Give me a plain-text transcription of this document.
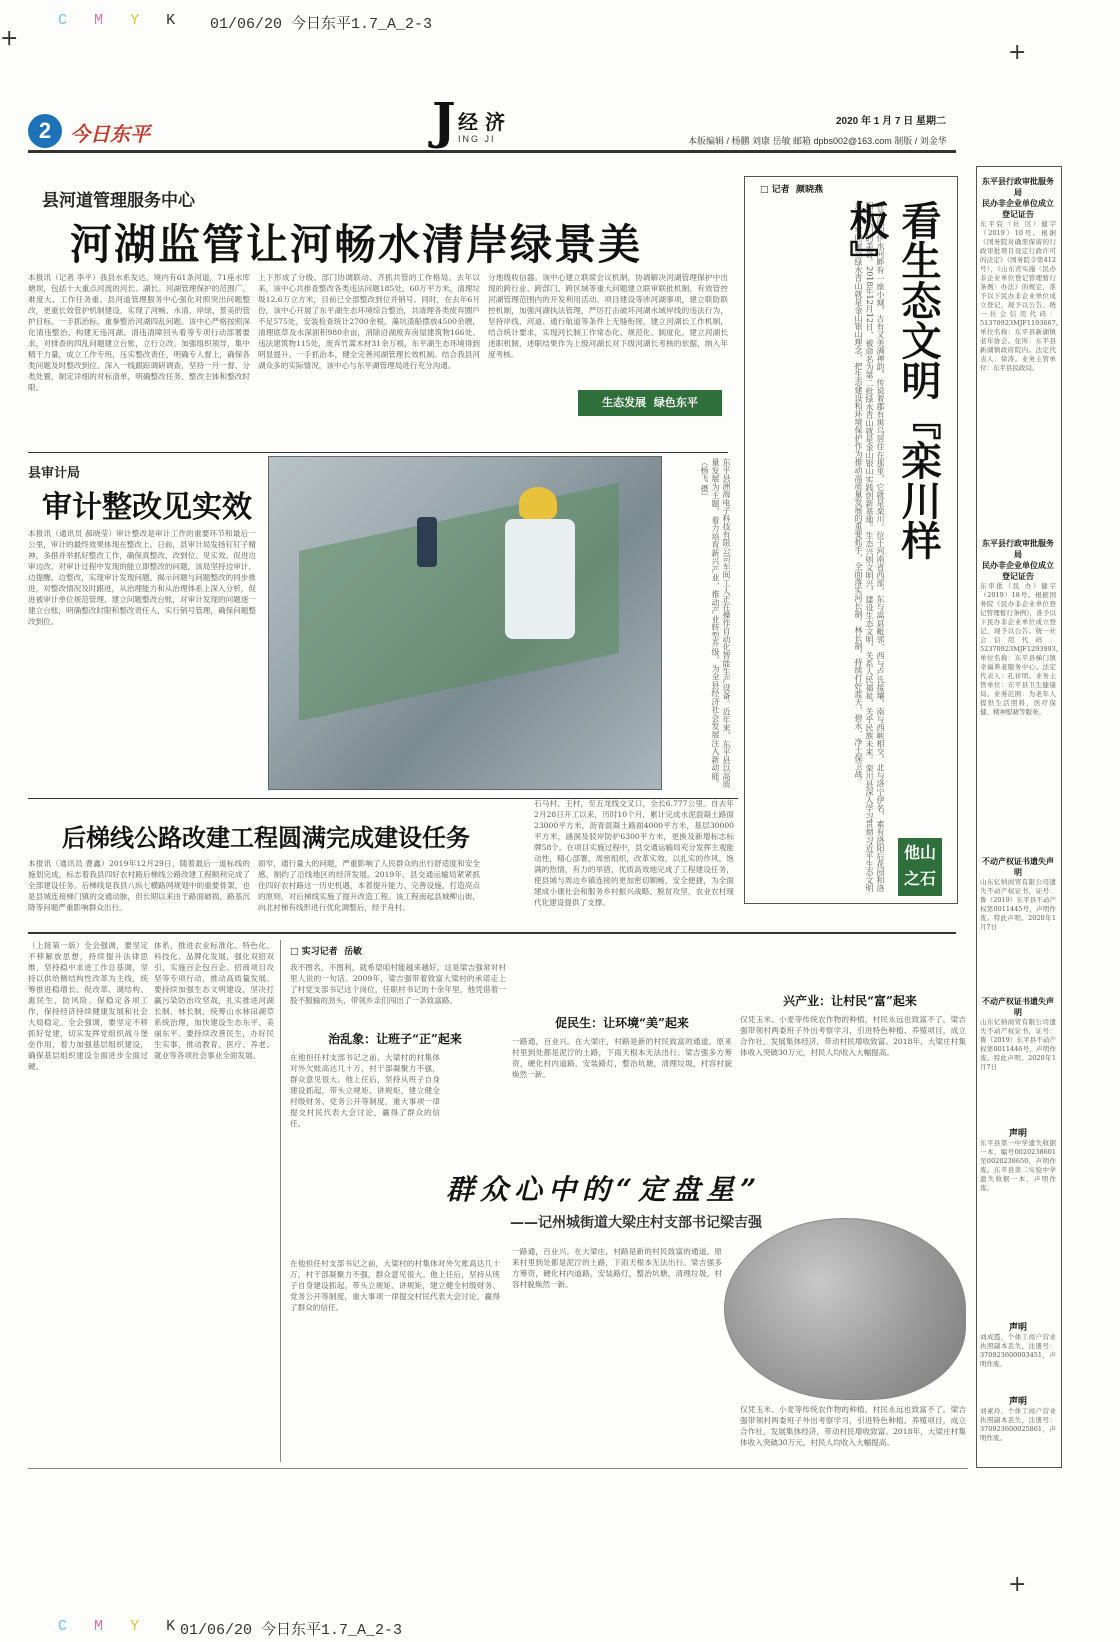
C M Y K 01/06/20 今日东平1.7_A_2-3
+
+
+
C M Y K 01/06/20 今日东平1.7_A_2-3
2 今日东平	J 经 济
ING JI
2020 年 1 月 7 日 星期二
本版编辑 / 杨鹏 刘康 岳敏 邮箱 dpbs002@163.com 制版 / 刘金华
县河道管理服务中心
河湖监管让河畅水清岸绿景美
本报讯（记者 李平）我县水系发达，境内有61条河道，71座水库塘坝，包括十大重点河流的河长、湖长。河湖管理保护的范围广、难度大、工作任务重。县河道管理服务中心强化对照突出问题整改，更重长效管护机制建设，实现了河畅、水清、岸绿、景美的管护目标。一手抓治标，重拳整治河湖四乱问题。该中心严格按照深化清违整治、构建无违河湖、清违清障回头看等专项行动部署要求，对排查的四乱问题建立台账，立行立改。加强组织领导，集中精干力量，成立工作专班，压实整改责任，明确专人督上，确保各类问题及时整改到位。深入一线跟踪调研调查，坚持一月一督、分类处置，制定详细的对标清单，明确整改任务、整改主体和整改时限。
上下形成了分级、部门协调联动、齐抓共管的工作格局。去年以来，该中心共排查整改各类违法问题185处、60万平方米，清理垃圾12.6万立方米，目前已全部整改到位并销号。同时，在去年6月份，该中心开展了东平湖生态环境综合整治，共清理各类废弃圈戶不足575处，安装检查统计2700余根，藻坑渣船摆放4500余艘，清理底草及水深面积980余亩，消除沿湖废弃房屋建筑物166处、违法建筑物115处，废弃竹蒿木材31余万根，东平湖生态环境得到明显提升。一手抓治本，健全完善河湖管理长效机制。结合我县河湖众多的实际情况，该中心与东平湖管理局进行充分沟通。
分地级收信器。该中心建立联席会议机制，协调解决河湖管理保护中出现的跨行业、跨部门、跨区域等重大问题建立联审联批机制，有效管控河湖管理范围内的开发利用活动。项目建设等涉河湖事项，建立联防联控机制，加强河湖执法管理，严厉打击破坏河湖水域岸线的违法行为，坚持岸线、河道、通行航道等条件上无缝衔接。建立河湖长工作机制，结合统计要求，实现河长制工作常态化、规范化、制度化。建立河湖长述职机制，述职结果作为上级河湖长对下级河湖长考核的依据，纳入年度考核。
生态发展 绿色东平
□ 记者 颜晓燕
在美丽的伊水河畔有一座小城，古有又美满神韵，传说着郡有寓乌居住在那里，它就是栾川。位于河南省西部，东与嵩县毗邻，西与卢氏接壤，南与西峡相交，北与洛宁伊名，素有洛阳后花园和洛阳南大门的美誉。2018年12月12日，被命名为第二批绿水青山就是金山银山实践创新基地。生态兴则文明兴，建设生态文明，关系人民福祉，关乎民族未来。栾川县深入学习贯彻习近平生态文明思想，牢固树立绿水青山就是金山银山理念，把生态建设和环境保护作为推动高质量发展的重要抓手，全面落实河长制、林长制，持续打好蓝天、碧水、净土保卫战。 看生态文明『栾川样板』
他山之石
县审计局
审计整改见实效
本报讯（通讯员 郝晓莹）审计整改是审计工作的重要环节和最后一公里，审计的最终效果体现在整改上。日前，县审计局发扬钉钉子精神，多措并举抓好整改工作，确保真整改、改到位、见实效。促进边审边改。对审计过程中发现的能立即整改的问题，该局坚持边审计、边提醒、边整改，实现审计发现问题、揭示问题与问题整改的同步推进，对整改情况及时跟进，从治理能力和从治理体系上深入分析，促进被审计单位规范管理。建立问题整改台账，对审计发现的问题逐一建立台账，明确整改时限和整改责任人，实行销号管理，确保问题整改到位。	东平县洲海电子科技有限公司车间工人正在操作自动化智能生产设备。近年来，东平县以高质量发展为主题，着力培育新兴产业，推动产业转型升级，为全县经济社会发展注入新动能。（杨飞 摄）
后梯线公路改建工程圆满完成建设任务
本报讯（通讯员 曹鑫）2019年12月29日，随着最后一道标线的施划完成，标志着我县四好农村路后梯线公路改建工程顺利完成了全部建设任务。后梯线是我县八纵七横路网规划中的重要骨架，也是县城连接梯门镇的交通动脉，但长期以来由于路面破损、路基沉降等问题严重影响群众出行。
面窄，通行量大的问题，严重影响了人民群众的出行舒适度和安全感，制约了沿线地区的经济发展。2019年，县交通运输局紧紧抓住四好农村路这一历史机遇，本着提升能力、完善设施、打造亮点的原则，对后梯线实施了提升改造工程。该工程南起县城柳山街，向北衬梯有线形进行优化调整后，经于舟村。
石马村、王村，至五龙线交叉口，全长6.777公里。自去年2月28日开工以来，历时10个月，累计完成水泥混凝土路面23000平方米，沥青混凝土路面4000平方米，基层30000平方米，涵洞及驳岸防护6300平方米，更换及新增标志标牌58个。在项目实施过程中，县交通运输局充分发挥主观能动性，精心部署，周密组织，改革实效，以扎实的作风，饱满的热情，有力的举措，优质高效地完成了工程建设任务，使县城与周边乡镇连接的更加密切顺畅，安全便捷，为全面建成小康社会和服务乡村振兴战略、脱贫攻坚、农业农村现代化建设提供了支撑。
东平县行政审批服务局
民办非企业单位成立登记证告
东平宸（社 区）健字（2019）10号。根据《国务院对确需保留的行政审批项目设定行政许可的决定》（国务院令第412号），《山东省实施〈民办非企业单位登记管理暂行条例〉办法》的规定，准予以下民办非企业单位成立登记，现予以公告。统一社会信用代码：51370923MJF1193667。单位名称：东平县新湖镇老年协会。住所：东平县新湖镇政府院内。法定代表人：徐涛。业务主管单位：东平县民政局。
东平县行政审批服务局
民办非企业单位成立登记证告
东审批（民 办）健字（2019）18号。根据国务院《民办非企业单位登记管理暂行条例》，准予以下民办非企业单位成立登记，现予以公告。统一社会信用代码：52370923MJF1293993。单位名称：东平县梯门镇幸福养老服务中心。法定代表人：孔祥明。业务主管单位：东平县卫生健康局。业务范围：为老年人提供生活照料、医疗保健、精神慰藉等服务。
不动产权证书遗失声明
山东亿纳商贸有限公司遗失不动产权证书，证号：鲁（2019）东平县不动产权第0011445号，声明作废。特此声明。2020年1月7日
不动产权证书遗失声明
山东亿纳商贸有限公司遗失不动产权证书，证号：鲁（2019）东平县不动产权第0011446号，声明作废。特此声明。2020年1月7日
声明
东平县第一中学遗失收据一本，编号0020238601至0020238650，声明作废。东平县第二实验中学遗失收据一本，声明作废。
声明
刘成霞，个体工商户营业执照副本丢失，注册号：370923600003451，声明作废。
声明
刘素玲，个体工商户营业执照副本丢失，注册号：370923600025861，声明作废。
（上接第一版）全会强调，要坚定不移解放思想，持续提升法律思维，坚持稳中求进工作总基调，坚持以供给侧结构性改革为主线，统筹推进稳增长、促改革、调结构、惠民生、防风险、保稳定各项工作，保持经济持续健康发展和社会大局稳定。全会强调，要坚定不移抓好党建，切实发挥党组织战斗堡垒作用，着力加强基层组织建设，确保基层组织建设全面进步全面过硬。
体系，推进农业标准化、特色化、科技化、品牌化发展，强化双招双引，实施百企包百企、招商项目攻坚等专项行动，推动高质量发展。要持续加强生态文明建设，坚决打赢污染防治攻坚战，扎实推进河湖长制、林长制，统筹山水林田湖草系统治理，加快建设生态东平、美丽东平。要持续改善民生，办好民生实事，推动教育、医疗、养老、就业等各项社会事业全面发展。
□ 实习记者 岳敏
我不图名，不图利，就希望咱村能越来越好。这是梁吉强常对村里人说的一句话。2009年，梁吉强带着致富大梁村的承诺走上了村党支部书记这个岗位，任职村书记的十余年里，他凭借着一股不服输的劲头，带领乡亲们闯出了一条致富路。
治乱象：让班子“正”起来
在他担任村支部书记之前，大梁村的村集体对外欠账高达几十万，村干部凝聚力不强，群众意见很大。他上任后，坚持从班子自身建设抓起，带头立规矩、讲规矩，建立健全村级财务、党务公开等制度，重大事项一律提交村民代表大会讨论，赢得了群众的信任。
促民生：让环境“美”起来
一路通，百业兴。在大梁庄，村路是新的村民致富的通道。原来村里到处都是泥泞的土路，下雨天根本无法出行。梁吉强多方筹资，硬化村内道路，安装路灯，整治坑塘，清理垃圾，村容村貌焕然一新。
兴产业：让村民“富”起来
仅凭玉米、小麦等传统农作物的种植，村民永远也致富不了。梁吉强带领村两委班子外出考察学习，引进特色种植、养殖项目，成立合作社，发展集体经济，带动村民增收致富。2018年，大梁庄村集体收入突破30万元，村民人均收入大幅提高。
群众心中的“定盘星”
——记州城街道大梁庄村支部书记梁吉强
在他担任村支部书记之前，大梁村的村集体对外欠账高达几十万，村干部凝聚力不强，群众意见很大。他上任后，坚持从班子自身建设抓起，带头立规矩、讲规矩，建立健全村级财务、党务公开等制度，重大事项一律提交村民代表大会讨论，赢得了群众的信任。
一路通，百业兴。在大梁庄，村路是新的村民致富的通道。原来村里到处都是泥泞的土路，下雨天根本无法出行。梁吉强多方筹资，硬化村内道路，安装路灯，整治坑塘，清理垃圾，村容村貌焕然一新。
仅凭玉米、小麦等传统农作物的种植，村民永远也致富不了。梁吉强带领村两委班子外出考察学习，引进特色种植、养殖项目，成立合作社，发展集体经济，带动村民增收致富。2018年，大梁庄村集体收入突破30万元，村民人均收入大幅提高。
